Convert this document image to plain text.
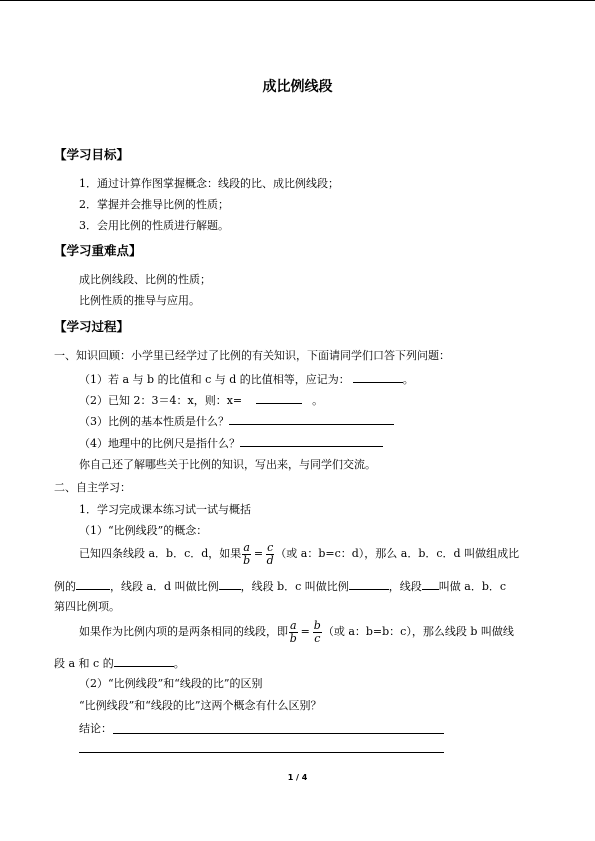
成比例线段
【学习目标】
1．通过计算作图掌握概念：线段的比、成比例线段；
2．掌握并会推导比例的性质；
3．会用比例的性质进行解题。
【学习重难点】
成比例线段、比例的性质；
比例性质的推导与应用。
【学习过程】
一、知识回顾：小学里已经学过了比例的有关知识，下面请同学们口答下列问题：
（1）若 a 与 b 的比值和 c 与 d 的比值相等，应记为：	。
（2）已知 2：3＝4：x，则：x=	。
（3）比例的基本性质是什么？
（4）地理中的比例尺是指什么？
你自己还了解哪些关于比例的知识，写出来，与同学们交流。
二、自主学习：
1．学习完成课本练习试一试与概括
（1）“比例线段”的概念：
已知四条线段 a．b．c．d，如果 $\frac{a}{b} = \frac{c}{d}$ （或 a：b=c：d），那么 a．b．c．d 叫做组成比
例的	，线段 a．d 叫做比例 ，线段 b．c 叫做比例	，线段 叫做 a．b．c
第四比例项。
如果作为比例内项的是两条相同的线段，即 $\frac{a}{b} = \frac{b}{c}$ （或 a：b=b：c），那么线段 b 叫做线
段 a 和 c 的	。
（2）“比例线段”和“线段的比”的区别
“比例线段”和“线段的比”这两个概念有什么区别？
结论：
1 / 4
